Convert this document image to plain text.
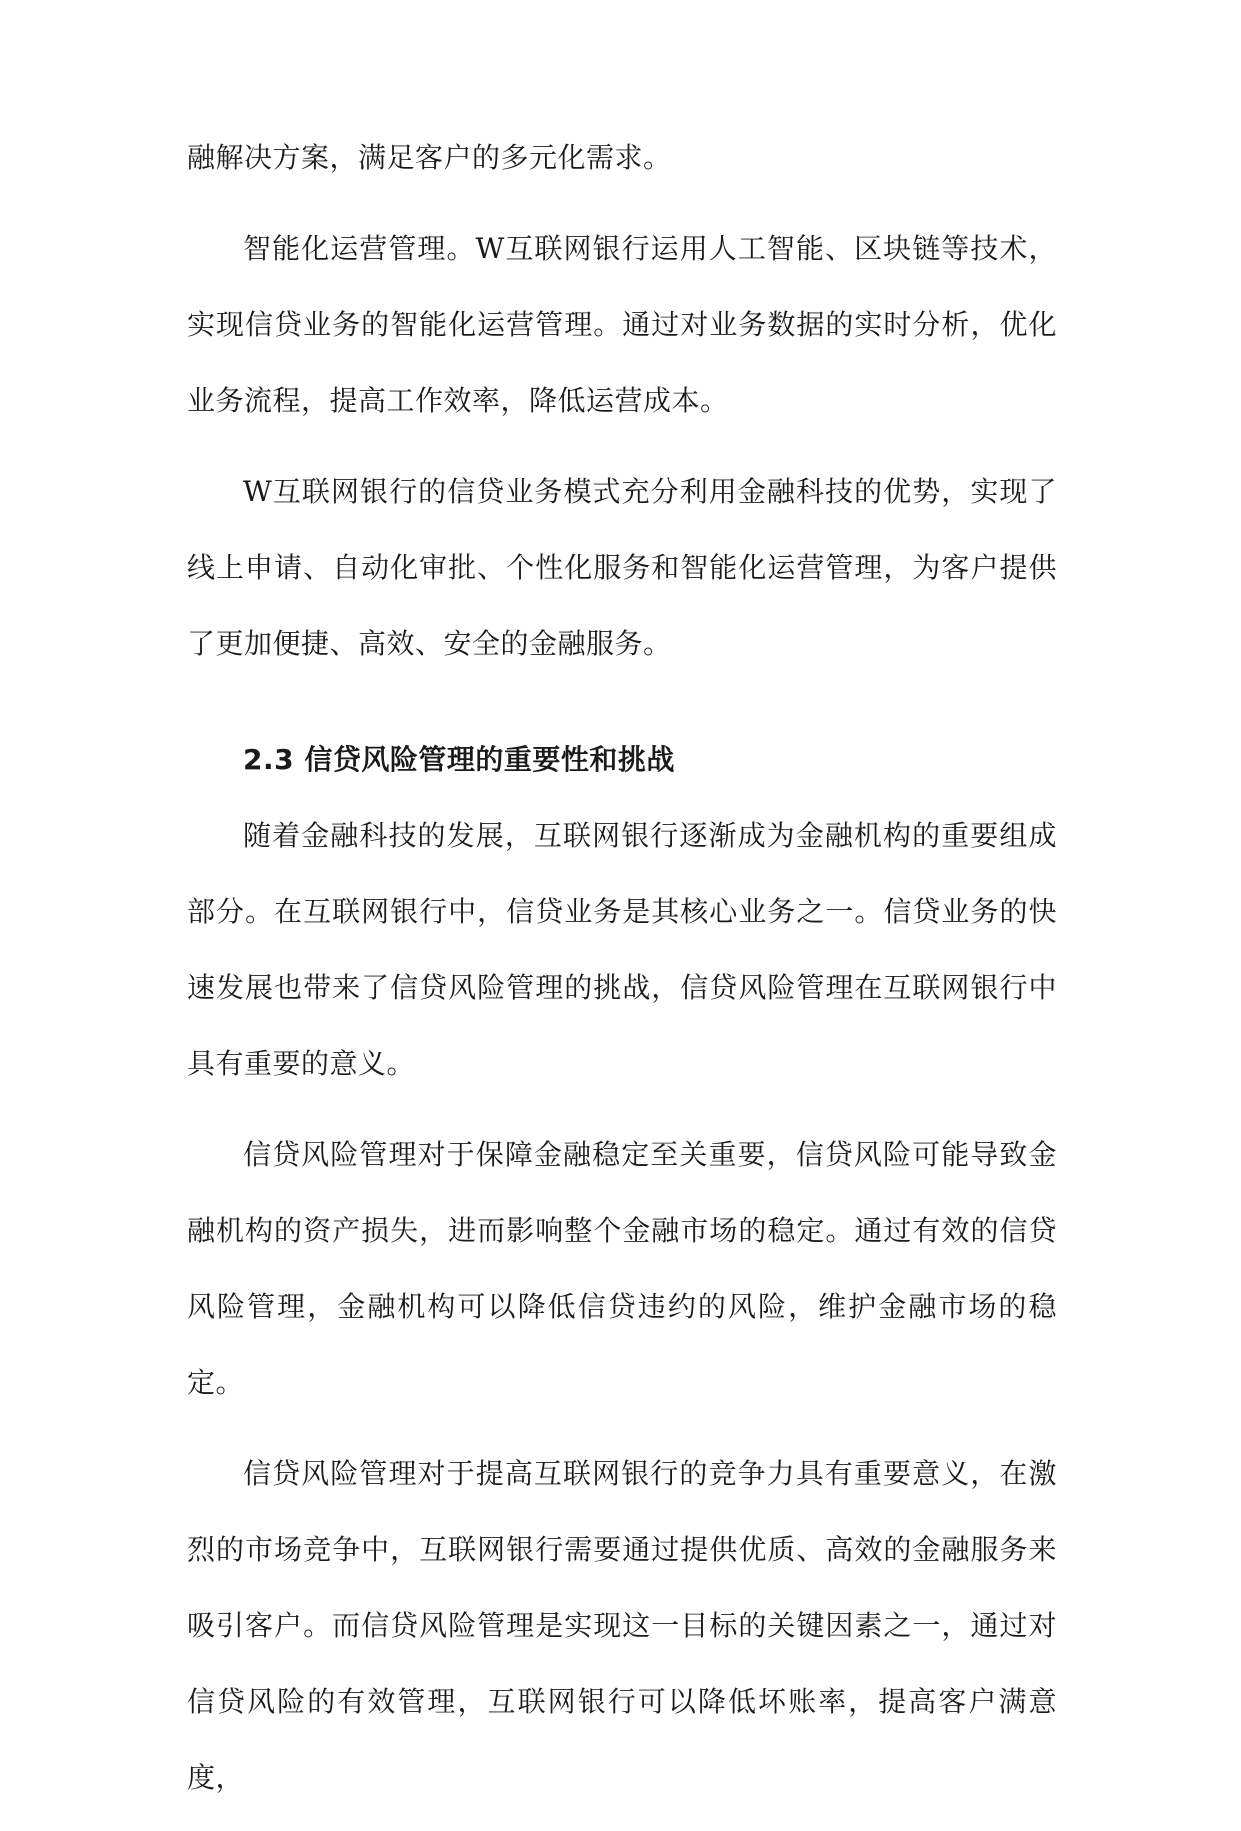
融解决方案，满足客户的多元化需求。

智能化运营管理。W互联网银行运用人工智能、区块链等技术，实现信贷业务的智能化运营管理。通过对业务数据的实时分析，优化业务流程，提高工作效率，降低运营成本。

W互联网银行的信贷业务模式充分利用金融科技的优势，实现了线上申请、自动化审批、个性化服务和智能化运营管理，为客户提供了更加便捷、高效、安全的金融服务。

2.3 信贷风险管理的重要性和挑战

随着金融科技的发展，互联网银行逐渐成为金融机构的重要组成部分。在互联网银行中，信贷业务是其核心业务之一。信贷业务的快速发展也带来了信贷风险管理的挑战，信贷风险管理在互联网银行中具有重要的意义。

信贷风险管理对于保障金融稳定至关重要，信贷风险可能导致金融机构的资产损失，进而影响整个金融市场的稳定。通过有效的信贷风险管理，金融机构可以降低信贷违约的风险，维护金融市场的稳定。

信贷风险管理对于提高互联网银行的竞争力具有重要意义，在激烈的市场竞争中，互联网银行需要通过提供优质、高效的金融服务来吸引客户。而信贷风险管理是实现这一目标的关键因素之一，通过对信贷风险的有效管理，互联网银行可以降低坏账率，提高客户满意度，
